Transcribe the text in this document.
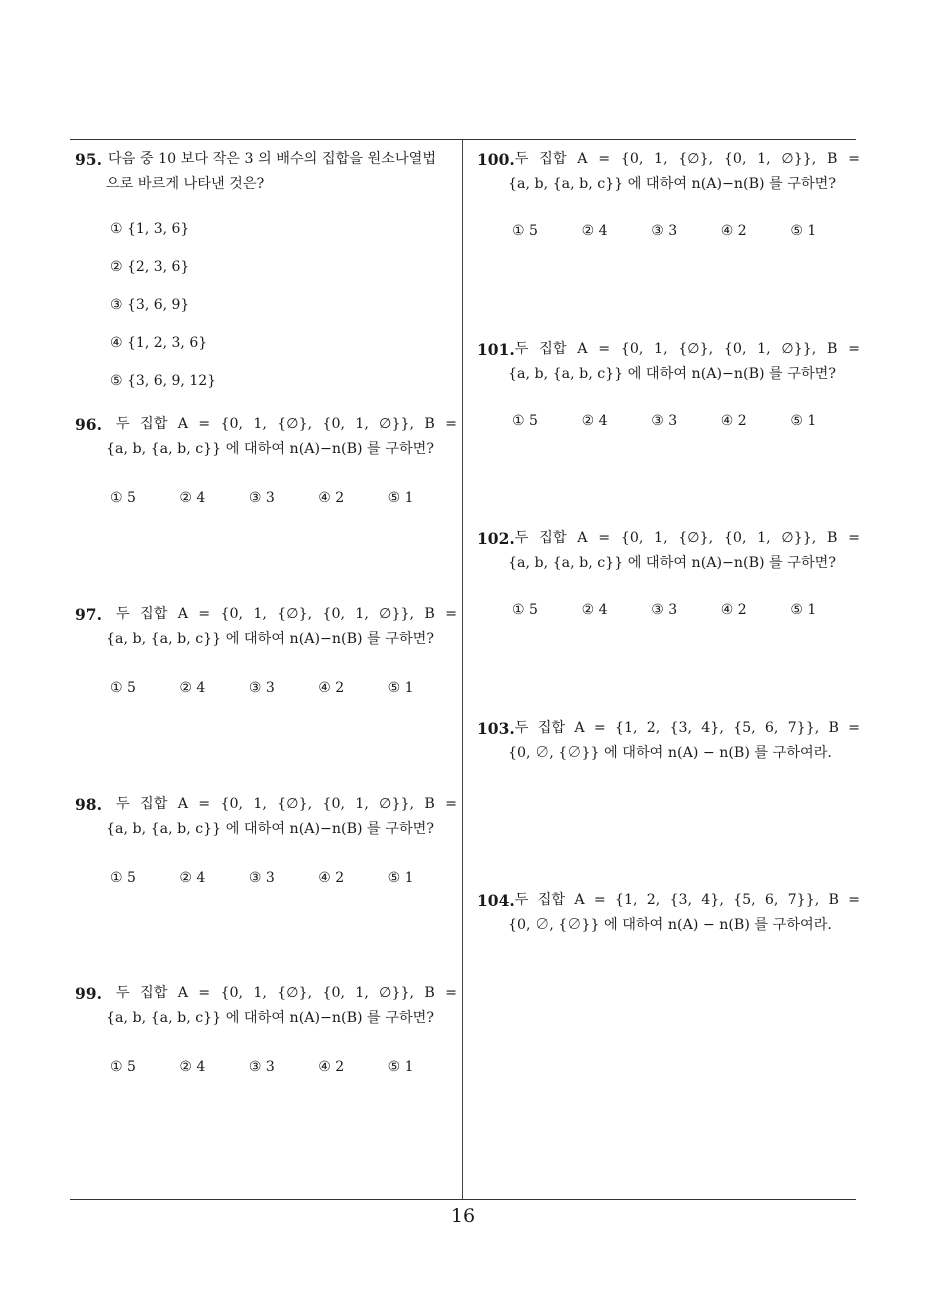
95. 다음 중 10 보다 작은 3 의 배수의 집합을 원소나열법
으로 바르게 나타낸 것은?
① {1, 3, 6}
② {2, 3, 6}
③ {3, 6, 9}
④ {1, 2, 3, 6}
⑤ {3, 6, 9, 12}
96. 두 집합 A = {0, 1, {∅}, {0, 1, ∅}}, B =
{a, b, {a, b, c}} 에 대하여 n(A)−n(B) 를 구하면?
① 5	② 4	③ 3	④ 2	⑤ 1
97. 두 집합 A = {0, 1, {∅}, {0, 1, ∅}}, B =
{a, b, {a, b, c}} 에 대하여 n(A)−n(B) 를 구하면?
① 5	② 4	③ 3	④ 2	⑤ 1
98. 두 집합 A = {0, 1, {∅}, {0, 1, ∅}}, B =
{a, b, {a, b, c}} 에 대하여 n(A)−n(B) 를 구하면?
① 5	② 4	③ 3	④ 2	⑤ 1
99. 두 집합 A = {0, 1, {∅}, {0, 1, ∅}}, B =
{a, b, {a, b, c}} 에 대하여 n(A)−n(B) 를 구하면?
① 5	② 4	③ 3	④ 2	⑤ 1
100. 두 집합 A = {0, 1, {∅}, {0, 1, ∅}}, B =
{a, b, {a, b, c}} 에 대하여 n(A)−n(B) 를 구하면?
① 5	② 4	③ 3	④ 2	⑤ 1
101. 두 집합 A = {0, 1, {∅}, {0, 1, ∅}}, B =
{a, b, {a, b, c}} 에 대하여 n(A)−n(B) 를 구하면?
① 5	② 4	③ 3	④ 2	⑤ 1
102. 두 집합 A = {0, 1, {∅}, {0, 1, ∅}}, B =
{a, b, {a, b, c}} 에 대하여 n(A)−n(B) 를 구하면?
① 5	② 4	③ 3	④ 2	⑤ 1
103. 두 집합 A = {1, 2, {3, 4}, {5, 6, 7}}, B =
{0, ∅, {∅}} 에 대하여 n(A) − n(B) 를 구하여라.
104. 두 집합 A = {1, 2, {3, 4}, {5, 6, 7}}, B =
{0, ∅, {∅}} 에 대하여 n(A) − n(B) 를 구하여라.
16
